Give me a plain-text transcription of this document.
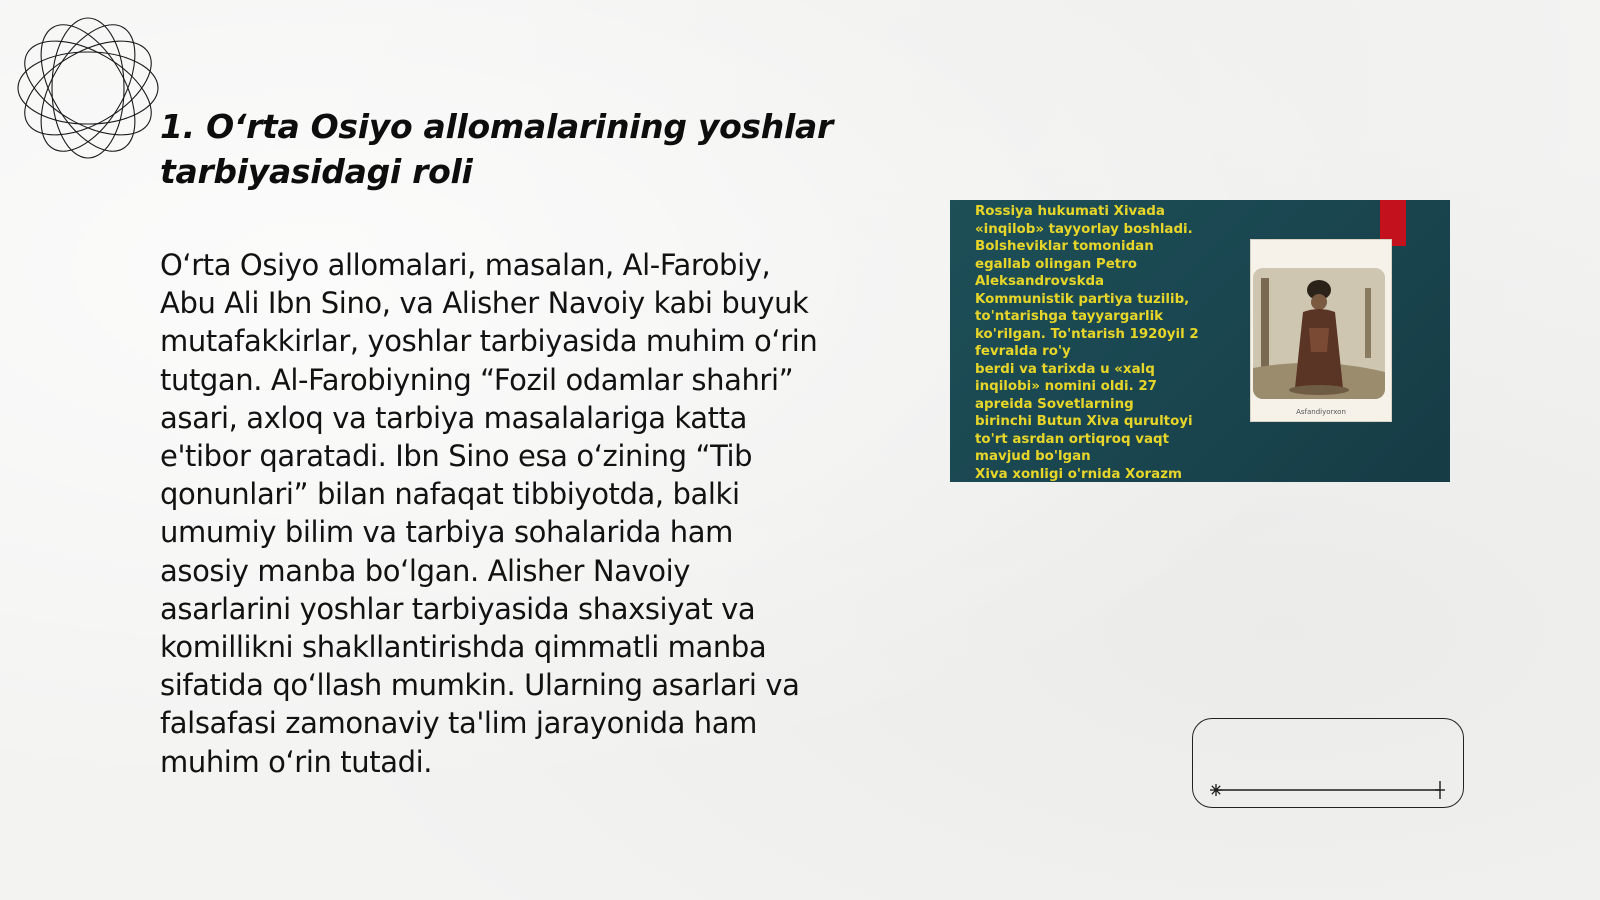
1. O‘rta Osiyo allomalarining yoshlar tarbiyasidagi roli

O‘rta Osiyo allomalari, masalan, Al-Farobiy, Abu Ali Ibn Sino, va Alisher Navoiy kabi buyuk mutafakkirlar, yoshlar tarbiyasida muhim o‘rin tutgan. Al-Farobiyning “Fozil odamlar shahri” asari, axloq va tarbiya masalalariga katta e'tibor qaratadi. Ibn Sino esa o‘zining “Tib qonunlari” bilan nafaqat tibbiyotda, balki umumiy bilim va tarbiya sohalarida ham asosiy manba bo‘lgan. Alisher Navoiy asarlarini yoshlar tarbiyasida shaxsiyat va komillikni shakllantirishda qimmatli manba sifatida qo‘llash mumkin. Ularning asarlari va falsafasi zamonaviy ta'lim jarayonida ham muhim o‘rin tutadi.

Rossiya hukumati Xivada
«inqilob» tayyorlay boshladi.
Bolsheviklar tomonidan
egallab olingan Petro
Aleksandrovskda
Kommunistik partiya tuzilib,
to'ntarishga tayyargarlik
ko'rilgan. To'ntarish 1920yil 2
fevralda ro'y
berdi va tarixda u «xalq
inqilobi» nomini oldi. 27
apreida Sovetlarning
birinchi Butun Xiva qurultoyi
to'rt asrdan ortiqroq vaqt
mavjud bo'lgan
Xiva xonligi o'rnida Xorazm
Asfandiyorxon
